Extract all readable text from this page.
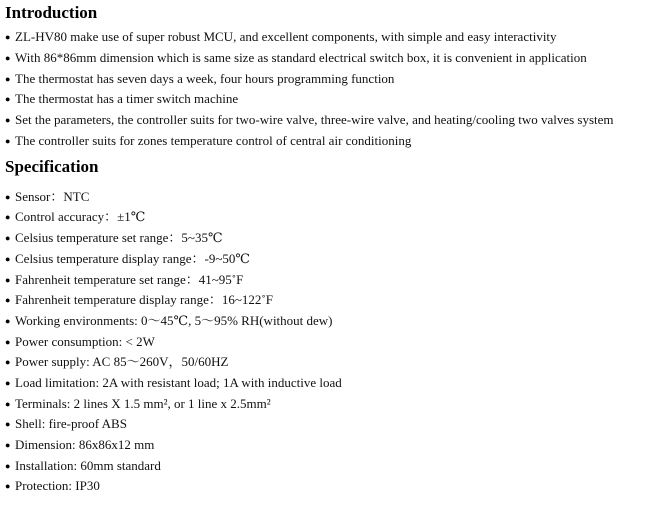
Introduction
● ZL-HV80 make use of super robust MCU, and excellent components, with simple and easy interactivity
● With 86*86mm dimension which is same size as standard electrical switch box, it is convenient in application
● The thermostat has seven days a week, four hours programming function
● The thermostat has a timer switch machine
● Set the parameters, the controller suits for two-wire valve, three-wire valve, and heating/cooling two valves system
● The controller suits for zones temperature control of central air conditioning
Specification
● Sensor：NTC
● Control accuracy：±1℃
● Celsius temperature set range：5~35℃
● Celsius temperature display range：-9~50℃
● Fahrenheit temperature set range：41~95˚F
● Fahrenheit temperature display range：16~122˚F
● Working environments: 0～45℃, 5～95% RH(without dew)
● Power consumption: < 2W
● Power supply: AC 85～260V，50/60HZ
● Load limitation: 2A with resistant load; 1A with inductive load
● Terminals: 2 lines X 1.5 mm², or 1 line x 2.5mm²
● Shell: fire-proof ABS
● Dimension: 86x86x12 mm
● Installation: 60mm standard
● Protection: IP30
